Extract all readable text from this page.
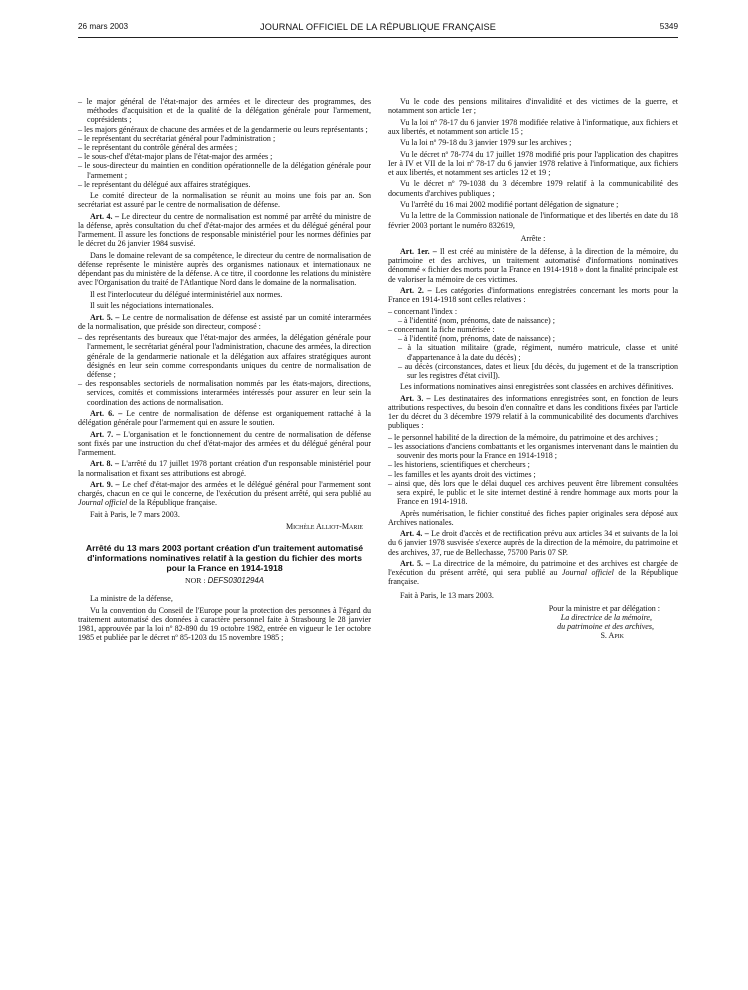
26 mars 2003	JOURNAL OFFICIEL DE LA RÉPUBLIQUE FRANÇAISE	5349
– le major général de l'état-major des armées et le directeur des programmes, des méthodes d'acquisition et de la qualité de la délégation générale pour l'armement, coprésidents ;
– les majors généraux de chacune des armées et de la gendarmerie ou leurs représentants ;
– le représentant du secrétariat général pour l'administration ;
– le représentant du contrôle général des armées ;
– le sous-chef d'état-major plans de l'état-major des armées ;
– le sous-directeur du maintien en condition opérationnelle de la délégation générale pour l'armement ;
– le représentant du délégué aux affaires stratégiques.

Le comité directeur de la normalisation se réunit au moins une fois par an. Son secrétariat est assuré par le centre de normalisation de défense.

Art. 4. – Le directeur du centre de normalisation est nommé par arrêté du ministre de la défense, après consultation du chef d'état-major des armées et du délégué général pour l'armement. Il assure les fonctions de responsable ministériel pour les normes définies par le décret du 26 janvier 1984 susvisé.

Dans le domaine relevant de sa compétence, le directeur du centre de normalisation de défense représente le ministère auprès des organismes nationaux et internationaux ne dépendant pas du ministère de la défense. A ce titre, il coordonne les relations du ministère avec l'Organisation du traité de l'Atlantique Nord dans le domaine de la normalisation.

Il est l'interlocuteur du délégué interministériel aux normes.

Il suit les négociations internationales.

Art. 5. – Le centre de normalisation de défense est assisté par un comité interarmées de la normalisation, que préside son directeur, composé :

– des représentants des bureaux que l'état-major des armées, la délégation générale pour l'armement, le secrétariat général pour l'administration, chacune des armées, la direction générale de la gendarmerie nationale et la délégation aux affaires stratégiques auront désignés en leur sein comme correspondants uniques du centre de normalisation de défense ;
– des responsables sectoriels de normalisation nommés par les états-majors, directions, services, comités et commissions interarmées intéressés pour assurer en leur sein la coordination des actions de normalisation.

Art. 6. – Le centre de normalisation de défense est organiquement rattaché à la délégation générale pour l'armement qui en assure le soutien.

Art. 7. – L'organisation et le fonctionnement du centre de normalisation de défense sont fixés par une instruction du chef d'état-major des armées et du délégué général pour l'armement.

Art. 8. – L'arrêté du 17 juillet 1978 portant création d'un responsable ministériel pour la normalisation et fixant ses attributions est abrogé.

Art. 9. – Le chef d'état-major des armées et le délégué général pour l'armement sont chargés, chacun en ce qui le concerne, de l'exécution du présent arrêté, qui sera publié au Journal officiel de la République française.

Fait à Paris, le 7 mars 2003.

Michèle Alliot-Marie

Arrêté du 13 mars 2003 portant création d'un traitement automatisé d'informations nominatives relatif à la gestion du fichier des morts pour la France en 1914-1918

NOR : DEFS0301294A

La ministre de la défense,

Vu la convention du Conseil de l'Europe pour la protection des personnes à l'égard du traitement automatisé des données à caractère personnel faite à Strasbourg le 28 janvier 1981, approuvée par la loi nº 82-890 du 19 octobre 1982, entrée en vigueur le 1er octobre 1985 et publiée par le décret nº 85-1203 du 15 novembre 1985 ;

Vu le code des pensions militaires d'invalidité et des victimes de la guerre, et notamment son article 1er ;

Vu la loi nº 78-17 du 6 janvier 1978 modifiée relative à l'informatique, aux fichiers et aux libertés, et notamment son article 15 ;

Vu la loi nº 79-18 du 3 janvier 1979 sur les archives ;

Vu le décret nº 78-774 du 17 juillet 1978 modifié pris pour l'application des chapitres Ier à IV et VII de la loi nº 78-17 du 6 janvier 1978 relative à l'informatique, aux fichiers et aux libertés, et notamment ses articles 12 et 19 ;

Vu le décret nº 79-1038 du 3 décembre 1979 relatif à la communicabilité des documents d'archives publiques ;

Vu l'arrêté du 16 mai 2002 modifié portant délégation de signature ;

Vu la lettre de la Commission nationale de l'informatique et des libertés en date du 18 février 2003 portant le numéro 832619,

Arrête :

Art. 1er. – Il est créé au ministère de la défense, à la direction de la mémoire, du patrimoine et des archives, un traitement automatisé d'informations nominatives dénommé « fichier des morts pour la France en 1914-1918 » dont la finalité principale est de valoriser la mémoire de ces victimes.

Art. 2. – Les catégories d'informations enregistrées concernant les morts pour la France en 1914-1918 sont celles relatives :

– concernant l'index :
– à l'identité (nom, prénoms, date de naissance) ;
– concernant la fiche numérisée :
– à l'identité (nom, prénoms, date de naissance) ;
– à la situation militaire (grade, régiment, numéro matricule, classe et unité d'appartenance à la date du décès) ;
– au décès (circonstances, dates et lieux [du décès, du jugement et de la transcription sur les registres d'état civil]).

Les informations nominatives ainsi enregistrées sont classées en archives définitives.

Art. 3. – Les destinataires des informations enregistrées sont, en fonction de leurs attributions respectives, du besoin d'en connaître et dans les conditions fixées par l'article 1er du décret du 3 décembre 1979 relatif à la communicabilité des documents d'archives publiques :

– le personnel habilité de la direction de la mémoire, du patrimoine et des archives ;
– les associations d'anciens combattants et les organismes intervenant dans le maintien du souvenir des morts pour la France en 1914-1918 ;
– les historiens, scientifiques et chercheurs ;
– les familles et les ayants droit des victimes ;
– ainsi que, dès lors que le délai duquel ces archives peuvent être librement consultées sera expiré, le public et le site internet destiné à rendre hommage aux morts pour la France en 1914-1918.

Après numérisation, le fichier constitué des fiches papier originales sera déposé aux Archives nationales.

Art. 4. – Le droit d'accès et de rectification prévu aux articles 34 et suivants de la loi du 6 janvier 1978 susvisée s'exerce auprès de la direction de la mémoire, du patrimoine et des archives, 37, rue de Bellechasse, 75700 Paris 07 SP.

Art. 5. – La directrice de la mémoire, du patrimoine et des archives est chargée de l'exécution du présent arrêté, qui sera publié au Journal officiel de la République française.

Fait à Paris, le 13 mars 2003.

Pour la ministre et par délégation :

La directrice de la mémoire,

du patrimoine et des archives,

S. Apik
